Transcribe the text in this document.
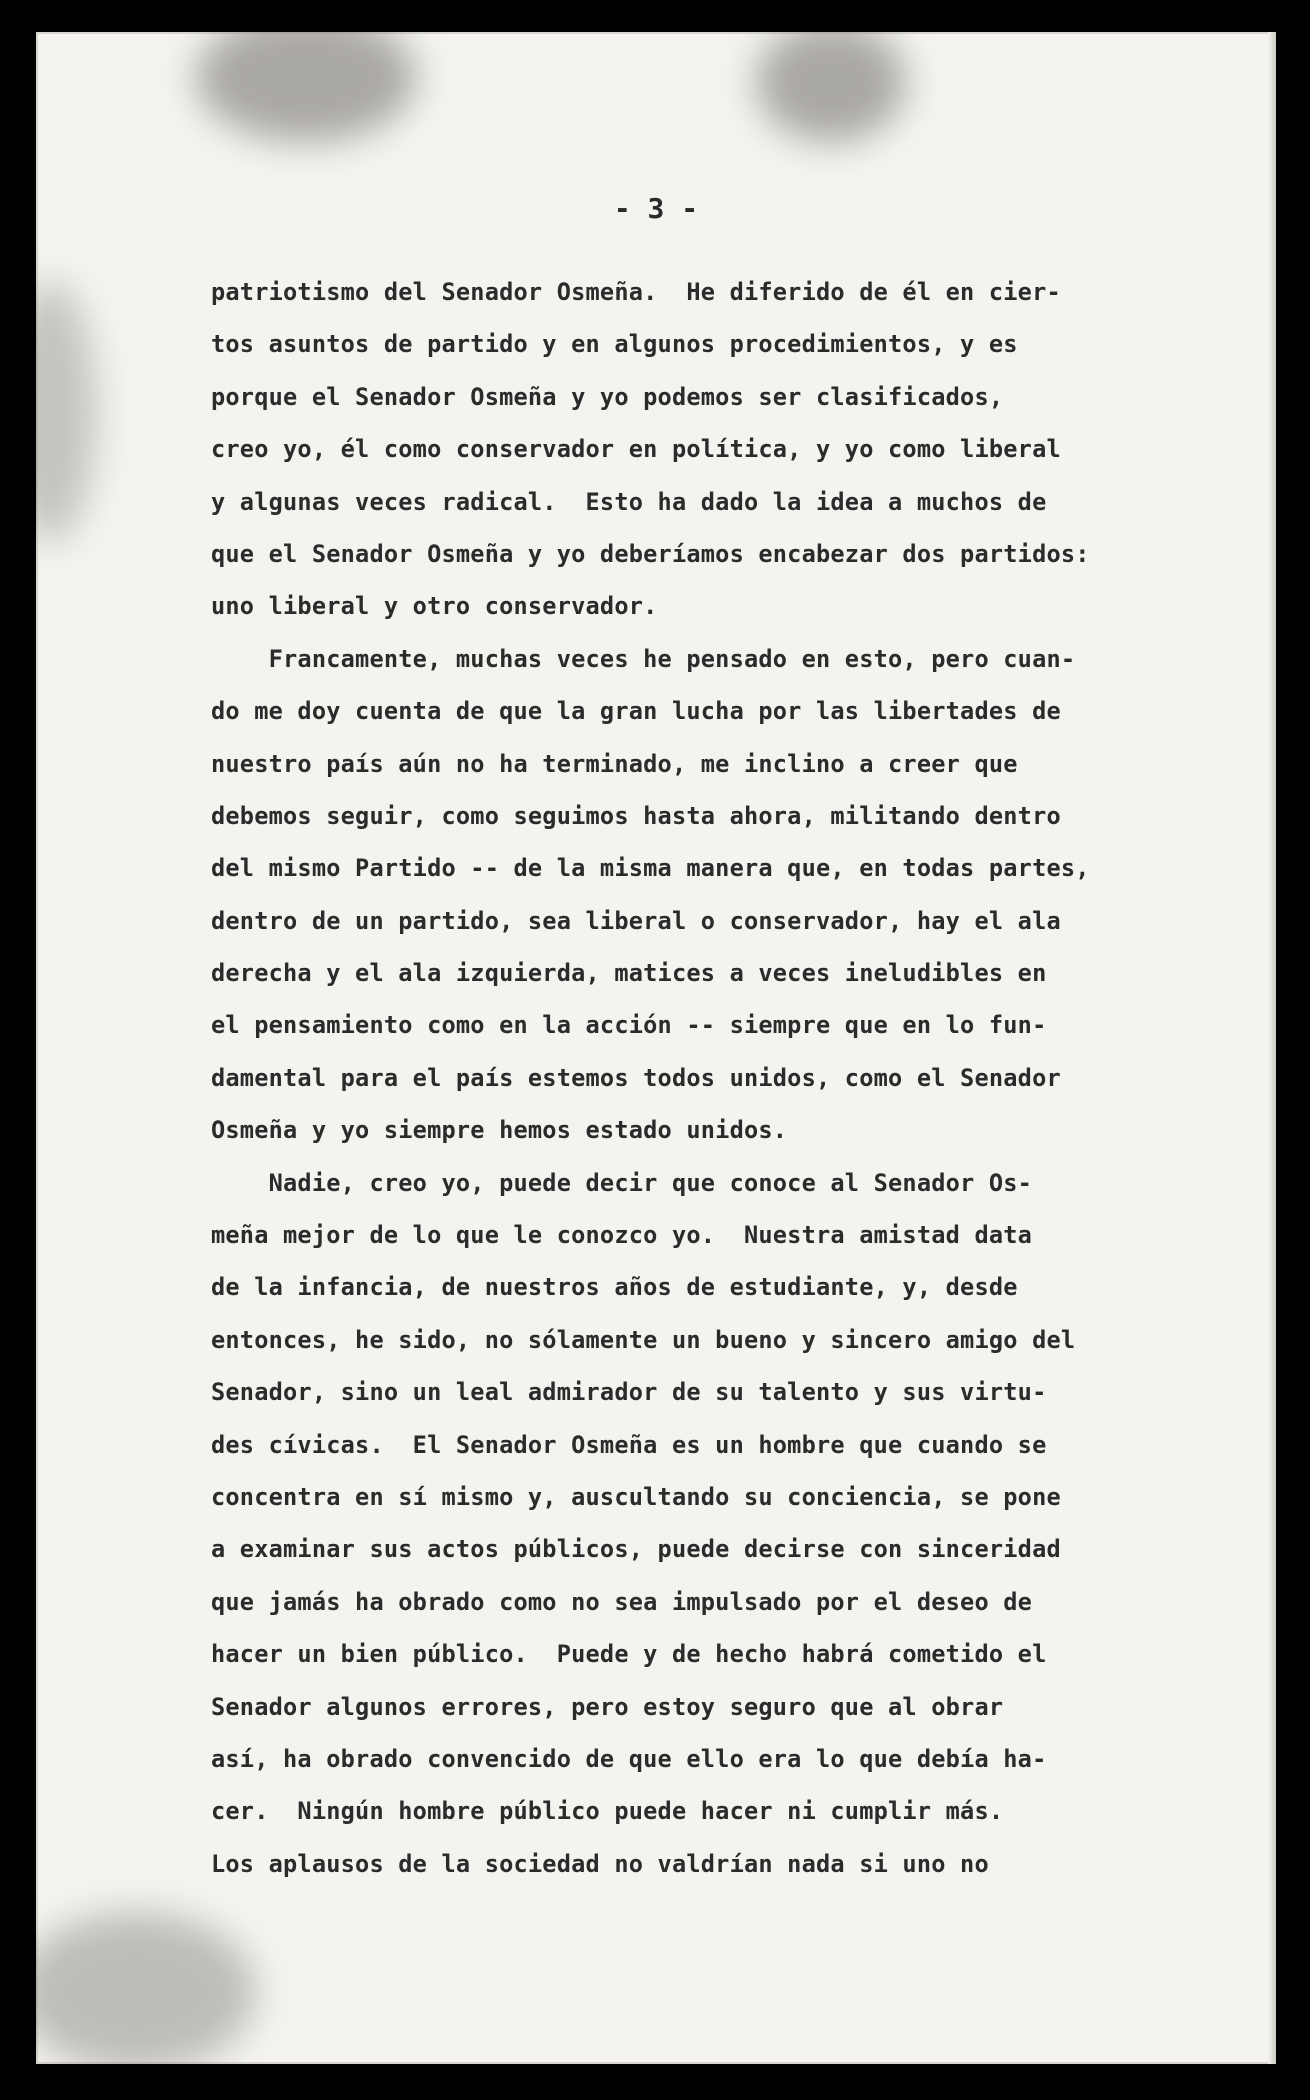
- 3 -
patriotismo del Senador Osmeña.  He diferido de él en cier-
tos asuntos de partido y en algunos procedimientos, y es
porque el Senador Osmeña y yo podemos ser clasificados,
creo yo, él como conservador en política, y yo como liberal
y algunas veces radical.  Esto ha dado la idea a muchos de
que el Senador Osmeña y yo deberíamos encabezar dos partidos:
uno liberal y otro conservador.
Francamente, muchas veces he pensado en esto, pero cuan-
do me doy cuenta de que la gran lucha por las libertades de
nuestro país aún no ha terminado, me inclino a creer que
debemos seguir, como seguimos hasta ahora, militando dentro
del mismo Partido -- de la misma manera que, en todas partes,
dentro de un partido, sea liberal o conservador, hay el ala
derecha y el ala izquierda, matices a veces ineludibles en
el pensamiento como en la acción -- siempre que en lo fun-
damental para el país estemos todos unidos, como el Senador
Osmeña y yo siempre hemos estado unidos.
Nadie, creo yo, puede decir que conoce al Senador Os-
meña mejor de lo que le conozco yo.  Nuestra amistad data
de la infancia, de nuestros años de estudiante, y, desde
entonces, he sido, no sólamente un bueno y sincero amigo del
Senador, sino un leal admirador de su talento y sus virtu-
des cívicas.  El Senador Osmeña es un hombre que cuando se
concentra en sí mismo y, auscultando su conciencia, se pone
a examinar sus actos públicos, puede decirse con sinceridad
que jamás ha obrado como no sea impulsado por el deseo de
hacer un bien público.  Puede y de hecho habrá cometido el
Senador algunos errores, pero estoy seguro que al obrar
así, ha obrado convencido de que ello era lo que debía ha-
cer.  Ningún hombre público puede hacer ni cumplir más.
Los aplausos de la sociedad no valdrían nada si uno no
